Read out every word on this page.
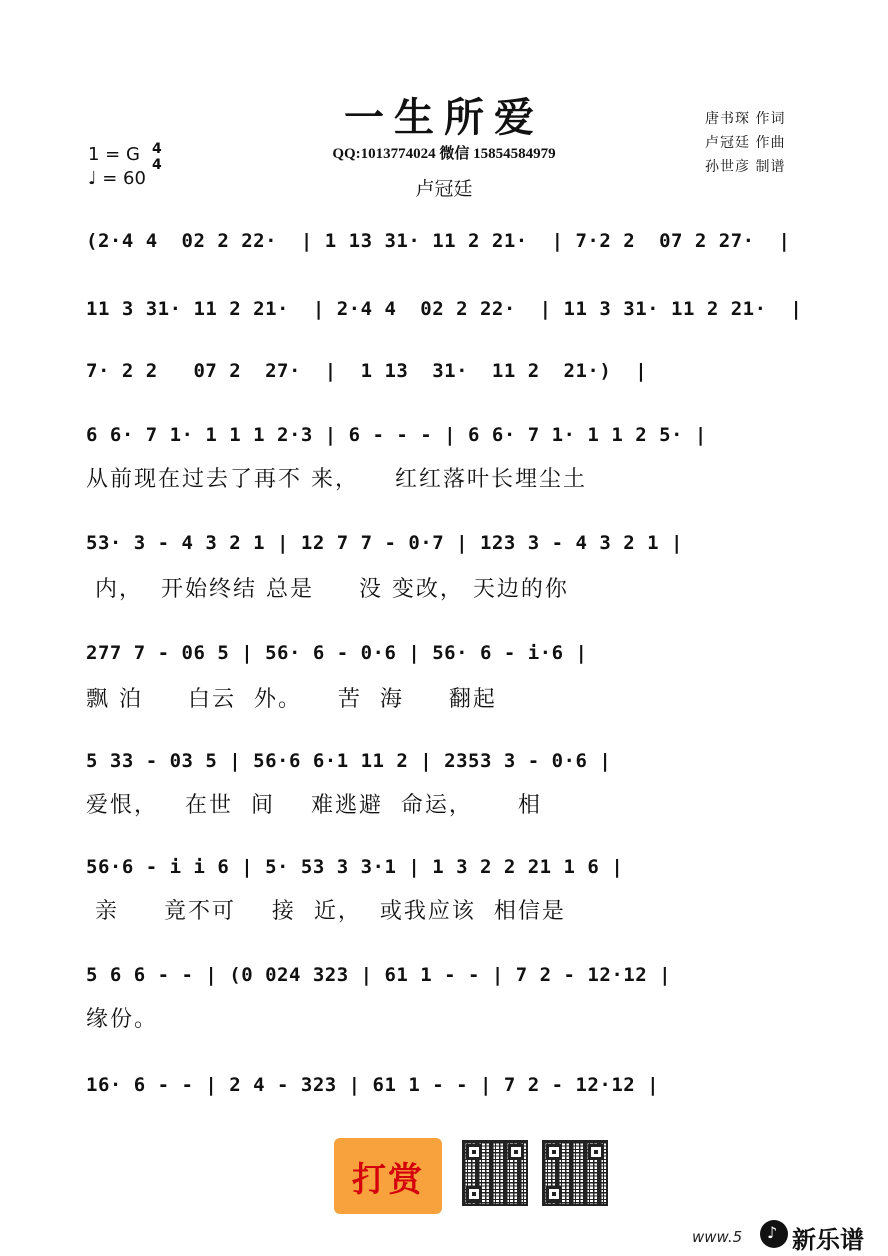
一生所爱
QQ:1013774024 微信 15854584979
卢冠廷
唐书琛 作词
卢冠廷 作曲
孙世彦 制谱
1 = G
♩ = 60
4
4
(2·4 4  02 2 22·  | 1 13 31· 11 2 21·  | 7·2 2  07 2 27·  |
11 3 31· 11 2 21·  | 2·4 4  02 2 22·  | 11 3 31· 11 2 21·  |
7· 2 2   07 2  27·  |  1 13  31·  11 2  21·)  |
6 6· 7 1· 1 1 1 2·3 | 6 - - - | 6 6· 7 1· 1 1 2 5· |
从前现在过去了再不 来，    红红落叶长埋尘土
53· 3 - 4 3 2 1 | 12 7 7 - 0·7 | 123 3 - 4 3 2 1 |
内，  开始终结 总是     没 变改， 天边的你
277 7 - 06 5 | 56· 6 - 0·6 | 56· 6 - i·6 |
飘 泊     白云  外。    苦  海     翻起
5 33 - 03 5 | 56·6 6·1 11 2 | 2353 3 - 0·6 |
爱恨，   在世  间    难逃避  命运，     相
56·6 - i i 6 | 5· 53 3 3·1 | 1 3 2 2 21 1 6 |
亲     竟不可    接  近，  或我应该  相信是
5 6 6 - - | (0 024 323 | 61 1 - - | 7 2 - 12·12 |
缘份。
16· 6 - - | 2 4 - 323 | 61 1 - - | 7 2 - 12·12 |
打赏
www.5
♪ 新乐谱
